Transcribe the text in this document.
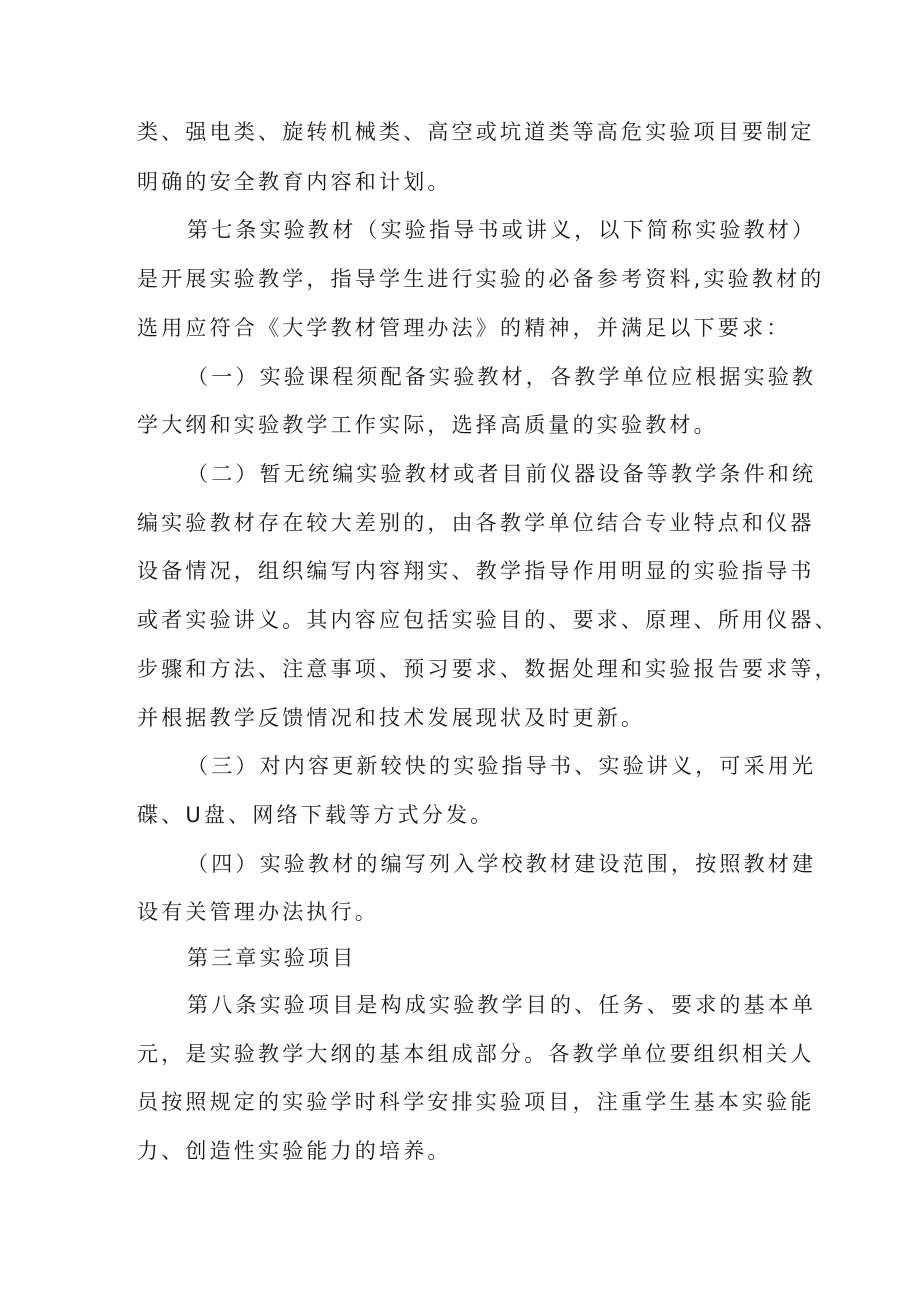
类、强电类、旋转机械类、高空或坑道类等高危实验项目要制定
明确的安全教育内容和计划。
第七条实验教材（实验指导书或讲义，以下简称实验教材）
是开展实验教学，指导学生进行实验的必备参考资料,实验教材的
选用应符合《大学教材管理办法》的精神，并满足以下要求：
（一）实验课程须配备实验教材，各教学单位应根据实验教
学大纲和实验教学工作实际，选择高质量的实验教材。
（二）暂无统编实验教材或者目前仪器设备等教学条件和统
编实验教材存在较大差别的，由各教学单位结合专业特点和仪器
设备情况，组织编写内容翔实、教学指导作用明显的实验指导书
或者实验讲义。其内容应包括实验目的、要求、原理、所用仪器、
步骤和方法、注意事项、预习要求、数据处理和实验报告要求等，
并根据教学反馈情况和技术发展现状及时更新。
（三）对内容更新较快的实验指导书、实验讲义，可采用光
碟、U盘、网络下载等方式分发。
（四）实验教材的编写列入学校教材建设范围，按照教材建
设有关管理办法执行。
第三章实验项目
第八条实验项目是构成实验教学目的、任务、要求的基本单
元，是实验教学大纲的基本组成部分。各教学单位要组织相关人
员按照规定的实验学时科学安排实验项目，注重学生基本实验能
力、创造性实验能力的培养。
